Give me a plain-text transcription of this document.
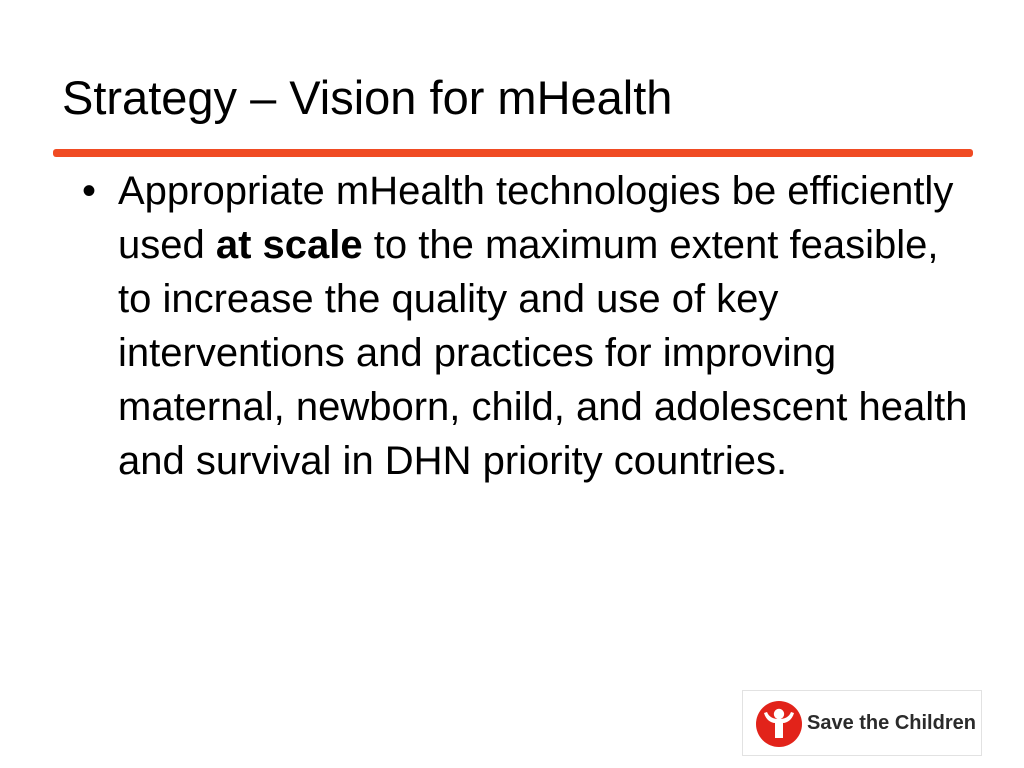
Strategy – Vision for mHealth
• Appropriate mHealth technologies be efficiently used at scale to the maximum extent feasible, to increase the quality and use of key interventions and practices for improving maternal, newborn, child, and adolescent health and survival in DHN priority countries.
Save the Children
